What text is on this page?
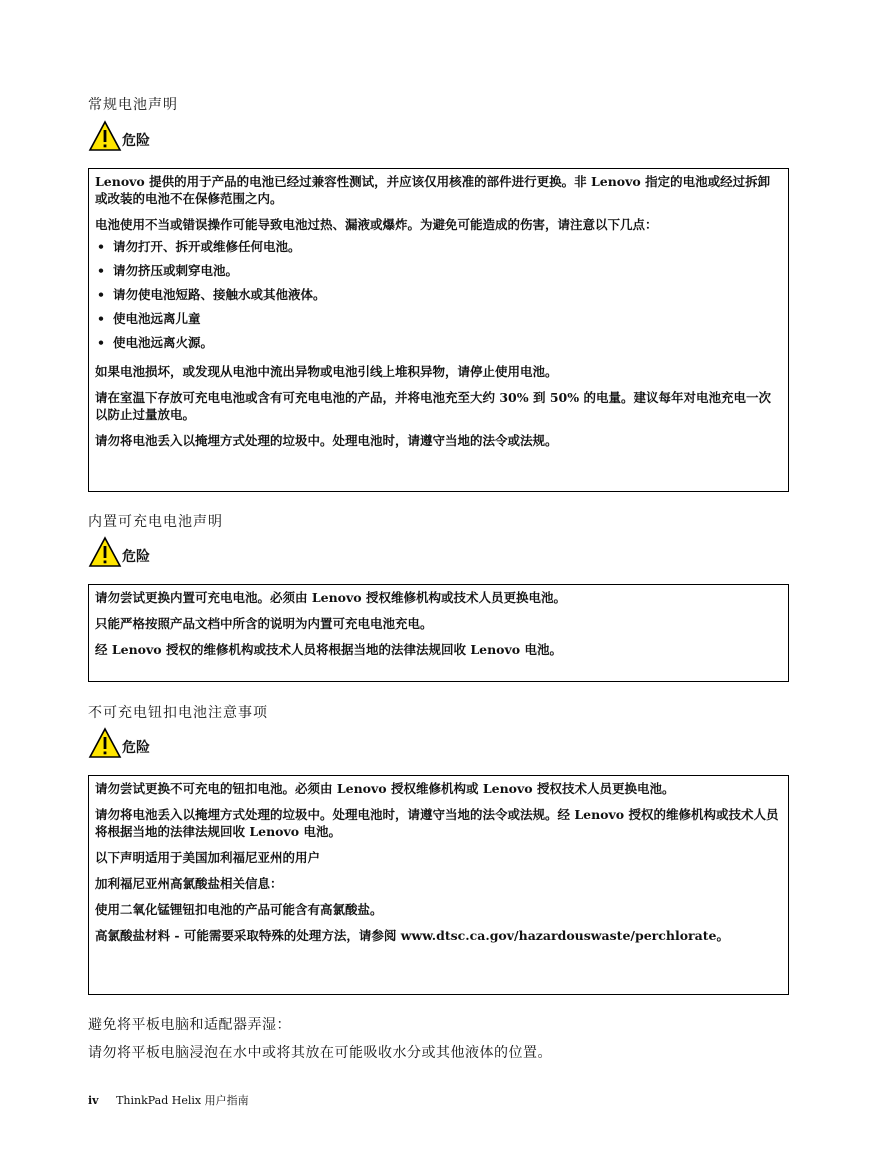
常规电池声明
危险

Lenovo 提供的用于产品的电池已经过兼容性测试，并应该仅用核准的部件进行更换。非 Lenovo 指定的电池或经过拆卸或改装的电池不在保修范围之内。

电池使用不当或错误操作可能导致电池过热、漏液或爆炸。为避免可能造成的伤害，请注意以下几点：

• 请勿打开、拆开或维修任何电池。
• 请勿挤压或刺穿电池。
• 请勿使电池短路、接触水或其他液体。
• 使电池远离儿童
• 使电池远离火源。

如果电池损坏，或发现从电池中流出异物或电池引线上堆积异物，请停止使用电池。

请在室温下存放可充电电池或含有可充电电池的产品，并将电池充至大约 30% 到 50% 的电量。建议每年对电池充电一次以防止过量放电。

请勿将电池丢入以掩埋方式处理的垃圾中。处理电池时，请遵守当地的法令或法规。

内置可充电电池声明
危险

请勿尝试更换内置可充电电池。必须由 Lenovo 授权维修机构或技术人员更换电池。

只能严格按照产品文档中所含的说明为内置可充电电池充电。

经 Lenovo 授权的维修机构或技术人员将根据当地的法律法规回收 Lenovo 电池。

不可充电钮扣电池注意事项
危险

请勿尝试更换不可充电的钮扣电池。必须由 Lenovo 授权维修机构或 Lenovo 授权技术人员更换电池。

请勿将电池丢入以掩埋方式处理的垃圾中。处理电池时，请遵守当地的法令或法规。经 Lenovo 授权的维修机构或技术人员将根据当地的法律法规回收 Lenovo 电池。

以下声明适用于美国加利福尼亚州的用户

加利福尼亚州高氯酸盐相关信息：

使用二氧化锰锂钮扣电池的产品可能含有高氯酸盐。

高氯酸盐材料 - 可能需要采取特殊的处理方法，请参阅 www.dtsc.ca.gov/hazardouswaste/perchlorate。

避免将平板电脑和适配器弄湿：
请勿将平板电脑浸泡在水中或将其放在可能吸收水分或其他液体的位置。
iv ThinkPad Helix 用户指南
